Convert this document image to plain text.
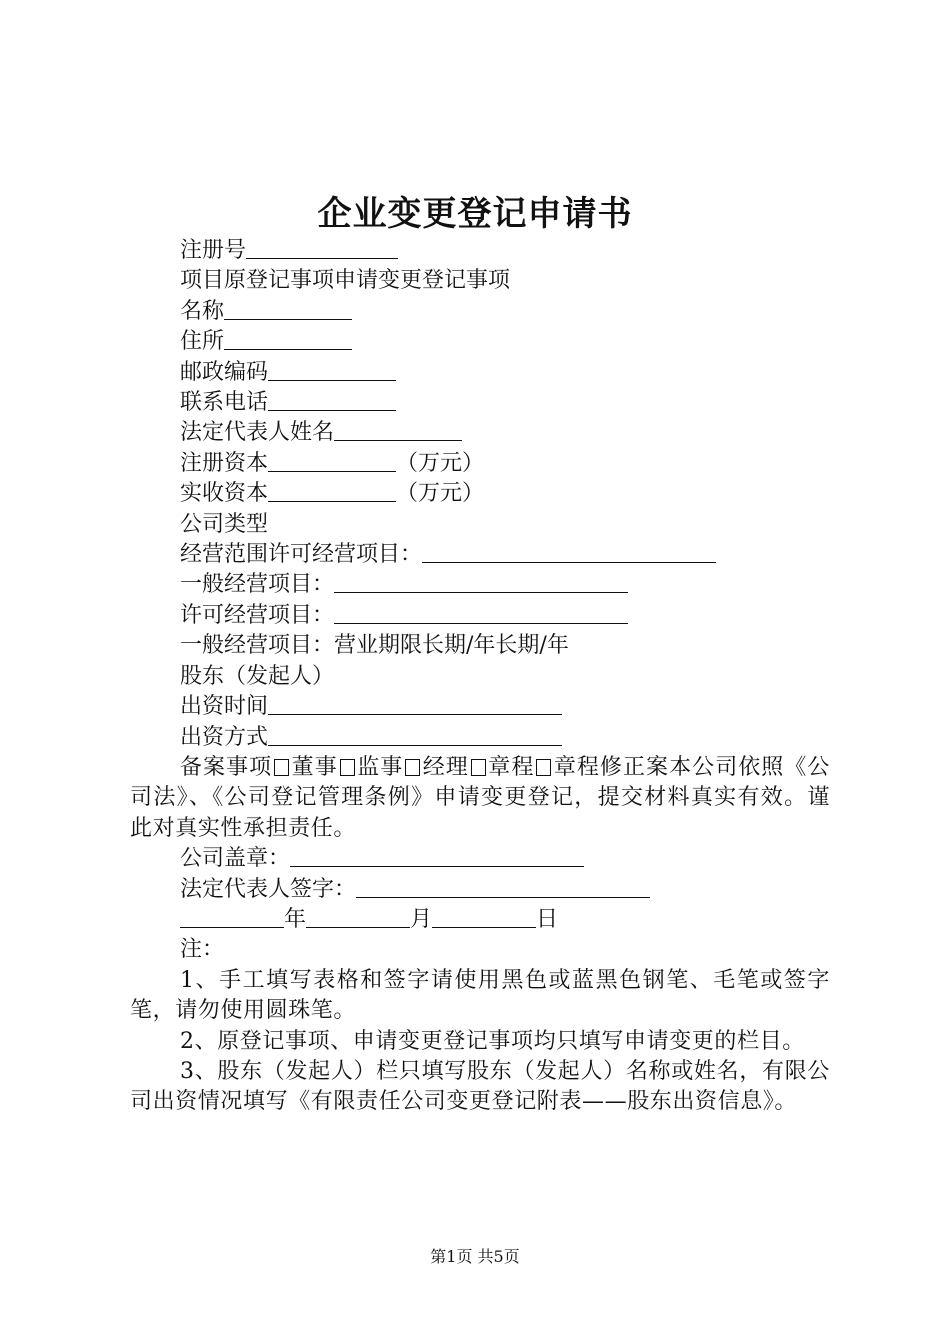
企业变更登记申请书
注册号
项目原登记事项申请变更登记事项
名称
住所
邮政编码
联系电话
法定代表人姓名
注册资本	（万元）
实收资本	（万元）
公司类型
经营范围许可经营项目：
一般经营项目：
许可经营项目：
一般经营项目：营业期限长期/年长期/年
股东（发起人）
出资时间
出资方式
备案事项 董事 监事 经理 章程 章程修正案本公司依照《公司法》、《公司登记管理条例》申请变更登记，提交材料真实有效。谨此对真实性承担责任。
公司盖章：
法定代表人签字：
年	月	日
注：
1、手工填写表格和签字请使用黑色或蓝黑色钢笔、毛笔或签字笔，请勿使用圆珠笔。
2、原登记事项、申请变更登记事项均只填写申请变更的栏目。
3、股东（发起人）栏只填写股东（发起人）名称或姓名，有限公司出资情况填写《有限责任公司变更登记附表——股东出资信息》。
第1页 共5页
